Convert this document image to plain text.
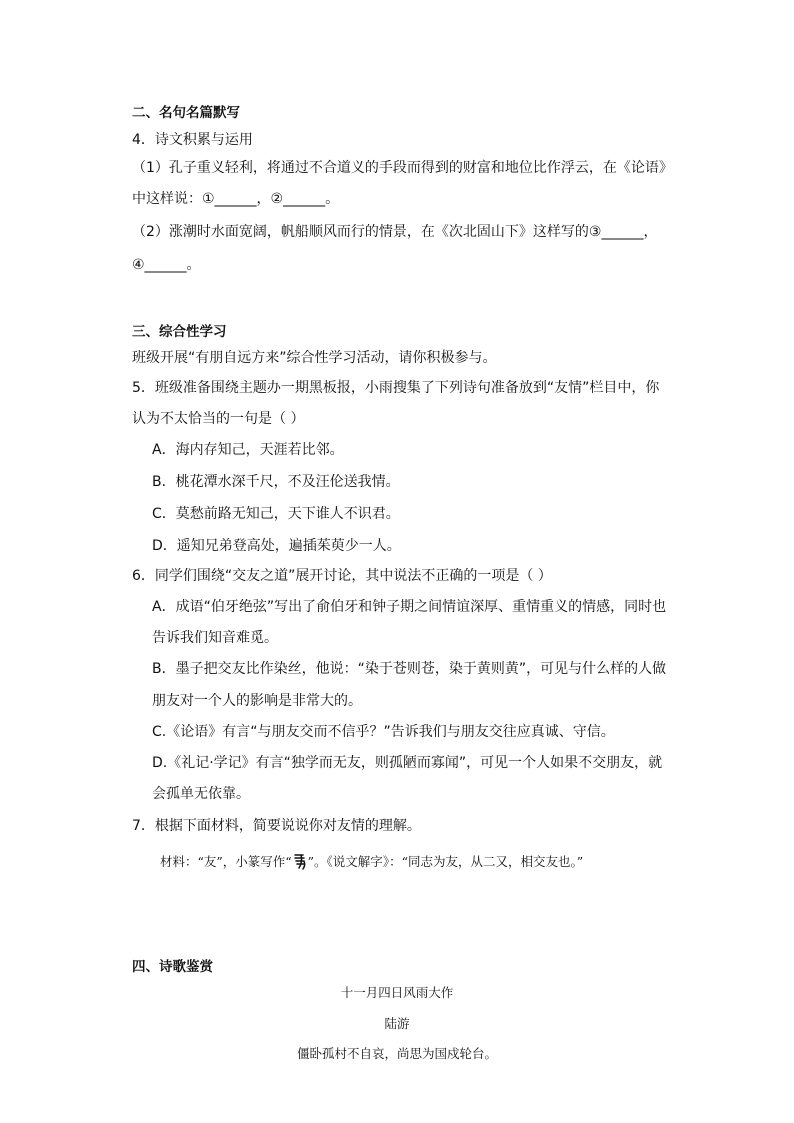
二、名句名篇默写
4．诗文积累与运用
（1）孔子重义轻利，将通过不合道义的手段而得到的财富和地位比作浮云，在《论语》
中这样说：①______，②______。
（2）涨潮时水面宽阔，帆船顺风而行的情景，在《次北固山下》这样写的③______，
④______。
三、综合性学习
班级开展“有朋自远方来”综合性学习活动，请你积极参与。
5．班级准备围绕主题办一期黑板报，小雨搜集了下列诗句准备放到“友情”栏目中，你
认为不太恰当的一句是（ ）
A．海内存知己，天涯若比邻。
B．桃花潭水深千尺，不及汪伦送我情。
C．莫愁前路无知己，天下谁人不识君。
D．遥知兄弟登高处，遍插茱萸少一人。
6．同学们围绕“交友之道”展开讨论，其中说法不正确的一项是（ ）
A．成语“伯牙绝弦”写出了俞伯牙和钟子期之间情谊深厚、重情重义的情感，同时也
告诉我们知音难觅。
B．墨子把交友比作染丝，他说：“染于苍则苍，染于黄则黄”，可见与什么样的人做
朋友对一个人的影响是非常大的。
C.《论语》有言“与朋友交而不信乎？”告诉我们与朋友交往应真诚、守信。
D.《礼记·学记》有言“独学而无友，则孤陋而寡闻”，可见一个人如果不交朋友，就
会孤单无依靠。
7．根据下面材料，简要说说你对友情的理解。
材料：“友”，小篆写作“ ”。《说文解字》：“同志为友，从二又，相交友也。”
四、诗歌鉴赏
十一月四日风雨大作
陆游
僵卧孤村不自哀，尚思为国戍轮台。
